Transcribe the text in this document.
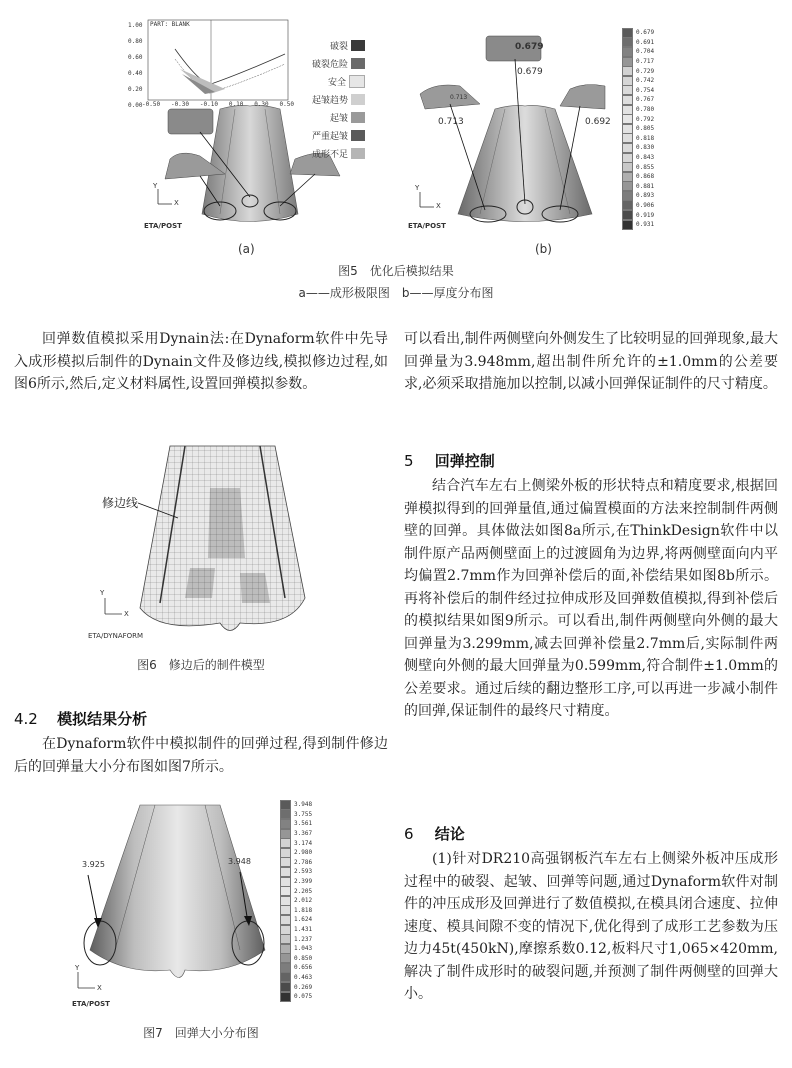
PART: BLANK
1.00
0.80
0.60
0.40
0.20
0.00 -0.50 -0.30 -0.10 0.10 0.30 0.50
Y
X
ETA/POST
破裂
破裂危险
安全
起皱趋势
起皱
严重起皱
成形不足
(a)
0.679
0.679
0.713
0.713	0.692
Y
X
ETA/POST
0.679
0.691
0.704
0.717
0.729
0.742
0.754
0.767
0.780
0.792
0.805
0.818
0.830
0.843
0.855
0.868
0.881
0.893
0.906
0.919
0.931
(b)
图5　优化后模拟结果
a——成形极限图　b——厚度分布图
回弹数值模拟采用Dynain法:在Dynaform软件中先导入成形模拟后制件的Dynain文件及修边线,模拟修边过程,如图6所示,然后,定义材料属性,设置回弹模拟参数。
修边线
Y
X
ETA/DYNAFORM
图6　修边后的制件模型
4.2 模拟结果分析
在Dynaform软件中模拟制件的回弹过程,得到制件修边后的回弹量大小分布图如图7所示。
3.948
3.755
3.561
3.367
3.174
2.980
2.786
2.593
2.399
2.205
2.012
1.818
1.624
1.431
1.237
1.043
0.850
0.656
0.463
0.269
0.075
3.925	3.948
Y
X
ETA/POST
图7　回弹大小分布图
可以看出,制件两侧壁向外侧发生了比较明显的回弹现象,最大回弹量为3.948mm,超出制件所允许的±1.0mm的公差要求,必须采取措施加以控制,以减小回弹保证制件的尺寸精度。
5 回弹控制
结合汽车左右上侧梁外板的形状特点和精度要求,根据回弹模拟得到的回弹量值,通过偏置模面的方法来控制制件两侧壁的回弹。具体做法如图8a所示,在ThinkDesign软件中以制件原产品两侧壁面上的过渡圆角为边界,将两侧壁面向内平均偏置2.7mm作为回弹补偿后的面,补偿结果如图8b所示。再将补偿后的制件经过拉伸成形及回弹数值模拟,得到补偿后的模拟结果如图9所示。可以看出,制件两侧壁向外侧的最大回弹量为3.299mm,减去回弹补偿量2.7mm后,实际制件两侧壁向外侧的最大回弹量为0.599mm,符合制件±1.0mm的公差要求。通过后续的翻边整形工序,可以再进一步减小制件的回弹,保证制件的最终尺寸精度。
6 结论
(1)针对DR210高强钢板汽车左右上侧梁外板冲压成形过程中的破裂、起皱、回弹等问题,通过Dynaform软件对制件的冲压成形及回弹进行了数值模拟,在模具闭合速度、拉伸速度、模具间隙不变的情况下,优化得到了成形工艺参数为压边力45t(450kN),摩擦系数0.12,板料尺寸1,065×420mm,解决了制件成形时的破裂问题,并预测了制件两侧壁的回弹大小。
